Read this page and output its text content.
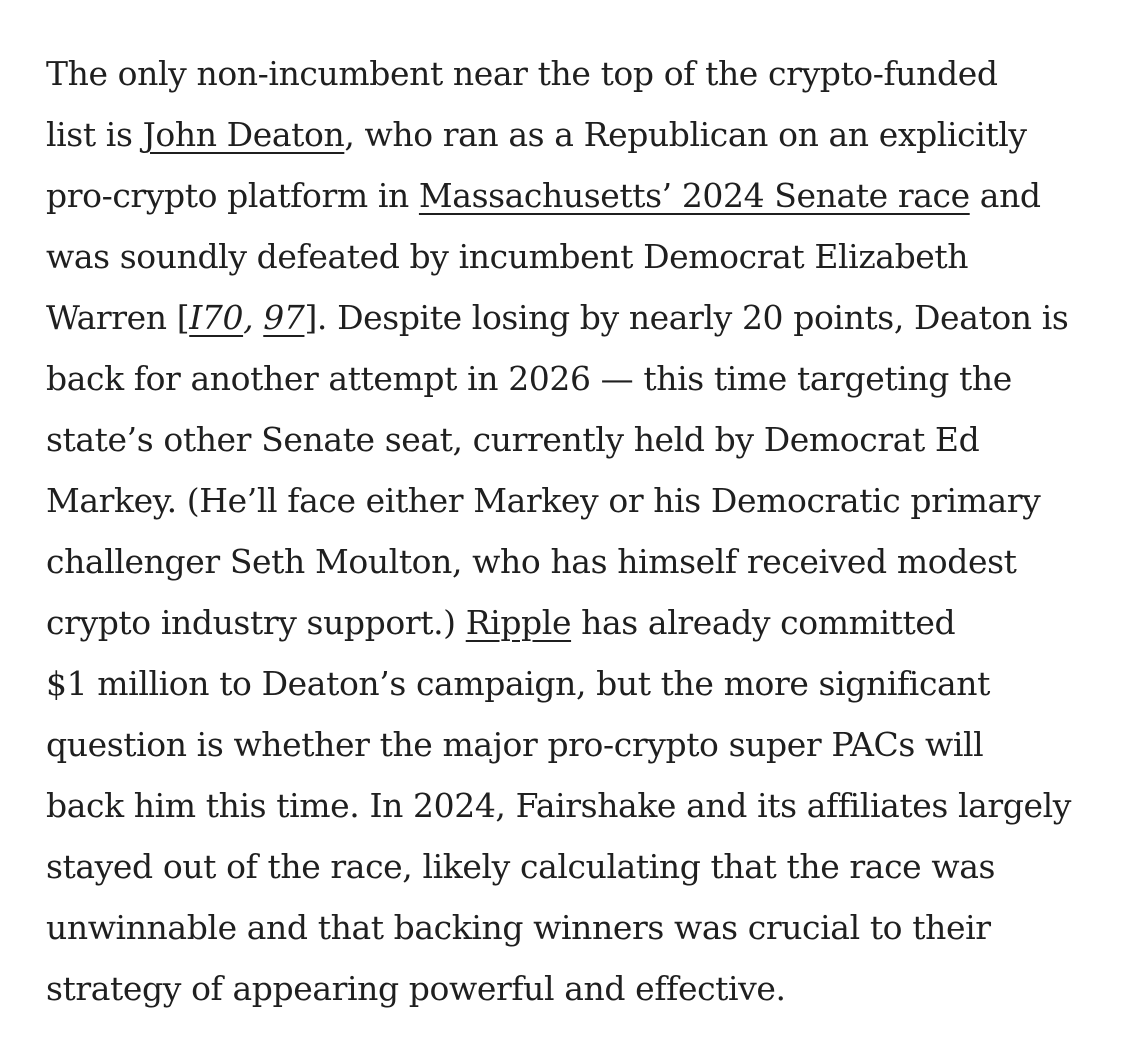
The only non-incumbent near the top of the crypto-funded
list is John Deaton, who ran as a Republican on an explicitly
pro-crypto platform in Massachusetts’ 2024 Senate race and
was soundly defeated by incumbent Democrat Elizabeth
Warren [I70, 97]. Despite losing by nearly 20 points, Deaton is
back for another attempt in 2026 — this time targeting the
state’s other Senate seat, currently held by Democrat Ed
Markey. (He’ll face either Markey or his Democratic primary
challenger Seth Moulton, who has himself received modest
crypto industry support.) Ripple has already committed
$1 million to Deaton’s campaign, but the more significant
question is whether the major pro-crypto super PACs will
back him this time. In 2024, Fairshake and its affiliates largely
stayed out of the race, likely calculating that the race was
unwinnable and that backing winners was crucial to their
strategy of appearing powerful and effective.
